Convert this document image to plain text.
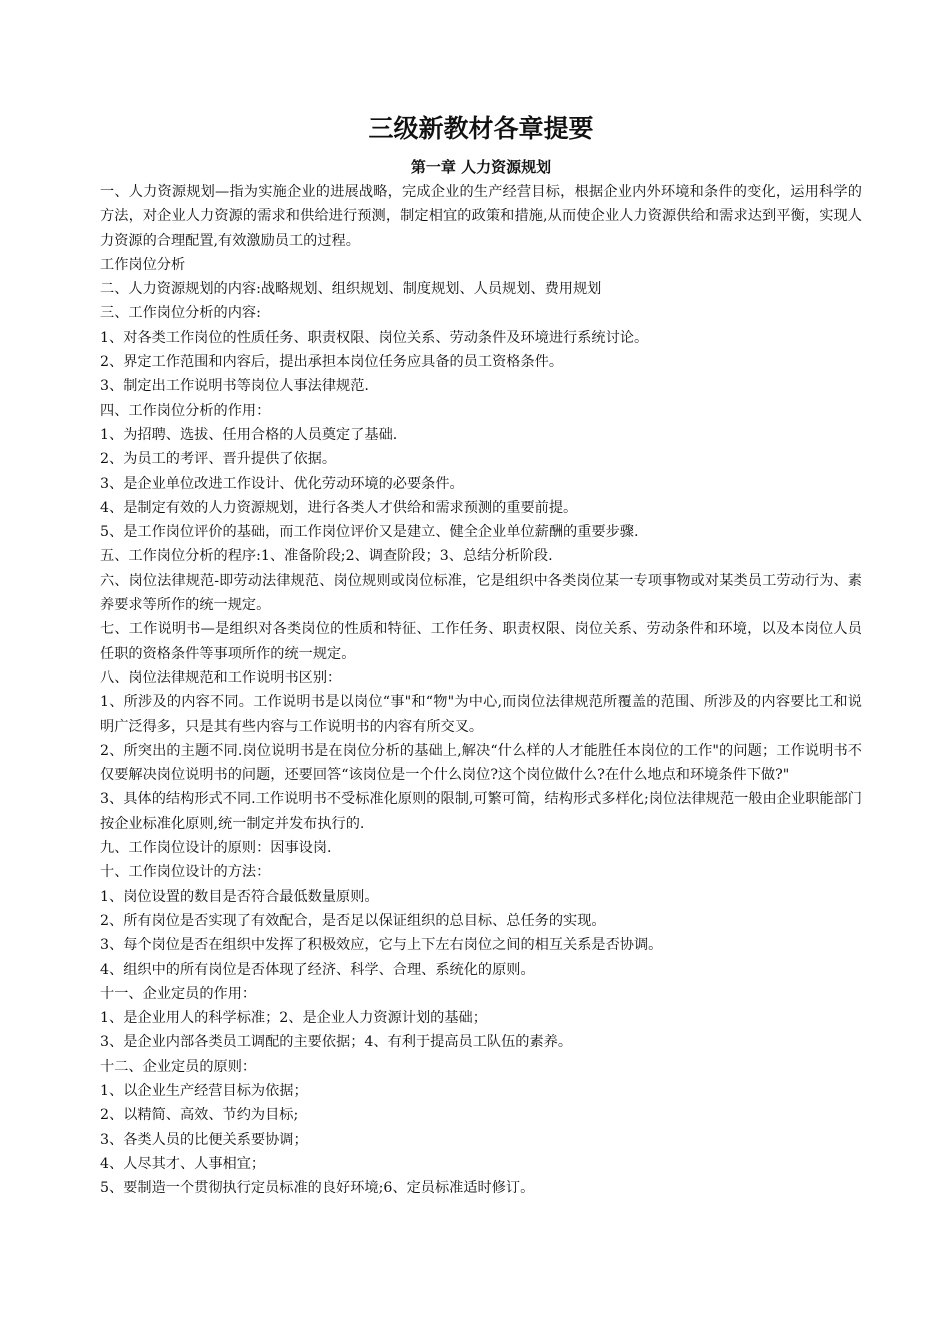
三级新教材各章提要
第一章 人力资源规划

一、人力资源规划—指为实施企业的进展战略，完成企业的生产经营目标，根据企业内外环境和条件的变化，运用科学的方法，对企业人力资源的需求和供给进行预测，制定相宜的政策和措施,从而使企业人力资源供给和需求达到平衡，实现人力资源的合理配置,有效激励员工的过程。

工作岗位分析

二、人力资源规划的内容:战略规划、组织规划、制度规划、人员规划、费用规划

三、工作岗位分析的内容:

1、对各类工作岗位的性质任务、职责权限、岗位关系、劳动条件及环境进行系统讨论。

2、界定工作范围和内容后，提出承担本岗位任务应具备的员工资格条件。

3、制定出工作说明书等岗位人事法律规范.

四、工作岗位分析的作用：

1、为招聘、选拔、任用合格的人员奠定了基础.

2、为员工的考评、晋升提供了依据。

3、是企业单位改进工作设计、优化劳动环境的必要条件。

4、是制定有效的人力资源规划，进行各类人才供给和需求预测的重要前提。

5、是工作岗位评价的基础，而工作岗位评价又是建立、健全企业单位薪酬的重要步骤.

五、工作岗位分析的程序:1、准备阶段;2、调查阶段；3、总结分析阶段.

六、岗位法律规范-即劳动法律规范、岗位规则或岗位标准，它是组织中各类岗位某一专项事物或对某类员工劳动行为、素养要求等所作的统一规定。

七、工作说明书—是组织对各类岗位的性质和特征、工作任务、职责权限、岗位关系、劳动条件和环境，以及本岗位人员任职的资格条件等事项所作的统一规定。

八、岗位法律规范和工作说明书区别：

1、所涉及的内容不同。工作说明书是以岗位“事"和“物"为中心,而岗位法律规范所覆盖的范围、所涉及的内容要比工和说明广泛得多，只是其有些内容与工作说明书的内容有所交叉。

2、所突出的主题不同.岗位说明书是在岗位分析的基础上,解决“什么样的人才能胜任本岗位的工作"的问题；工作说明书不仅要解决岗位说明书的问题，还要回答“该岗位是一个什么岗位?这个岗位做什么?在什么地点和环境条件下做?"

3、具体的结构形式不同.工作说明书不受标准化原则的限制,可繁可简，结构形式多样化;岗位法律规范一般由企业职能部门按企业标准化原则,统一制定并发布执行的.

九、工作岗位设计的原则：因事设岗.

十、工作岗位设计的方法：

1、岗位设置的数目是否符合最低数量原则。

2、所有岗位是否实现了有效配合，是否足以保证组织的总目标、总任务的实现。

3、每个岗位是否在组织中发挥了积极效应，它与上下左右岗位之间的相互关系是否协调。

4、组织中的所有岗位是否体现了经济、科学、合理、系统化的原则。

十一、企业定员的作用：

1、是企业用人的科学标准；2、是企业人力资源计划的基础；

3、是企业内部各类员工调配的主要依据；4、有利于提高员工队伍的素养。

十二、企业定员的原则：

1、以企业生产经营目标为依据；

2、以精简、高效、节约为目标;

3、各类人员的比便关系要协调；

4、人尽其才、人事相宜；

5、要制造一个贯彻执行定员标准的良好环境;6、定员标准适时修订。
